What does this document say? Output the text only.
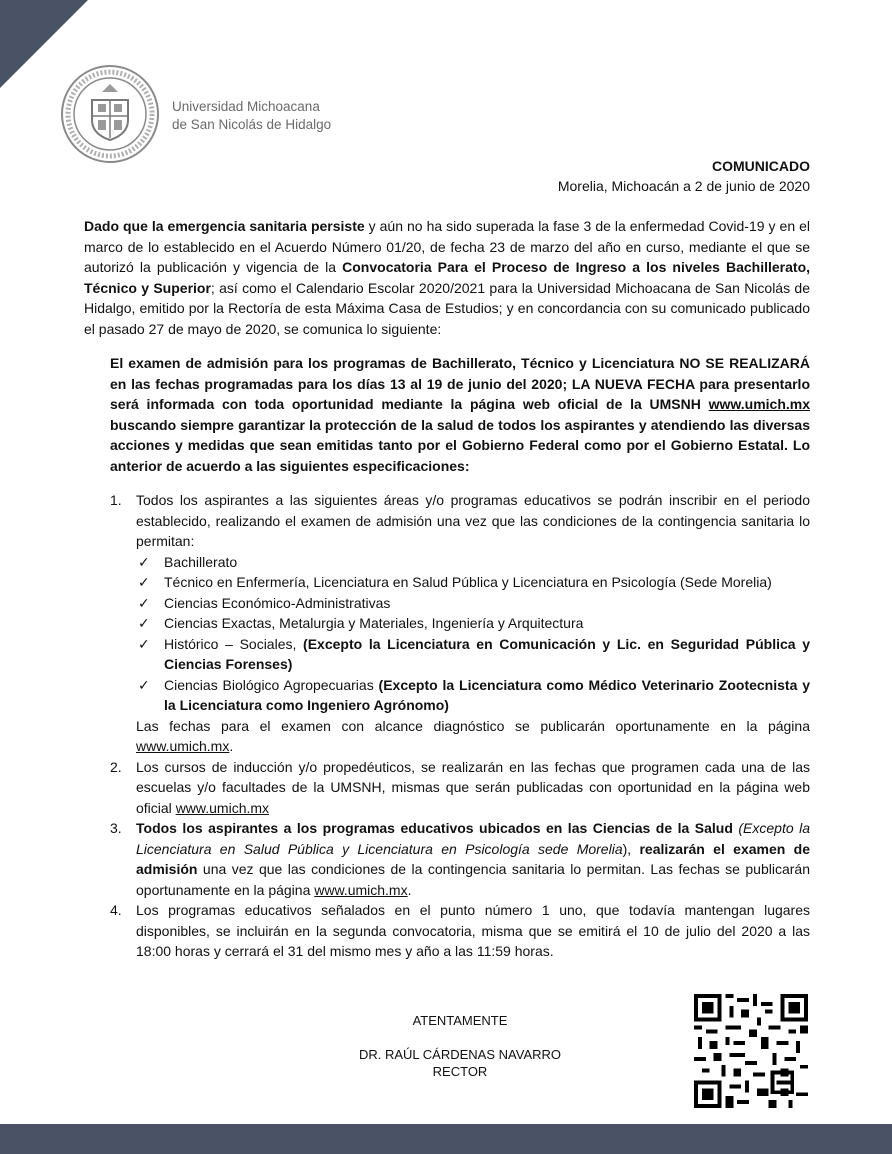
Universidad Michoacana
de San Nicolás de Hidalgo
COMUNICADO
Morelia, Michoacán a 2 de junio de 2020

Dado que la emergencia sanitaria persiste y aún no ha sido superada la fase 3 de la enfermedad Covid-19 y en el marco de lo establecido en el Acuerdo Número 01/20, de fecha 23 de marzo del año en curso, mediante el que se autorizó la publicación y vigencia de la Convocatoria Para el Proceso de Ingreso a los niveles Bachillerato, Técnico y Superior; así como el Calendario Escolar 2020/2021 para la Universidad Michoacana de San Nicolás de Hidalgo, emitido por la Rectoría de esta Máxima Casa de Estudios; y en concordancia con su comunicado publicado el pasado 27 de mayo de 2020, se comunica lo siguiente:

El examen de admisión para los programas de Bachillerato, Técnico y Licenciatura NO SE REALIZARÁ en las fechas programadas para los días 13 al 19 de junio del 2020; LA NUEVA FECHA para presentarlo será informada con toda oportunidad mediante la página web oficial de la UMSNH www.umich.mx buscando siempre garantizar la protección de la salud de todos los aspirantes y atendiendo las diversas acciones y medidas que sean emitidas tanto por el Gobierno Federal como por el Gobierno Estatal. Lo anterior de acuerdo a las siguientes especificaciones:

1. Todos los aspirantes a las siguientes áreas y/o programas educativos se podrán inscribir en el periodo establecido, realizando el examen de admisión una vez que las condiciones de la contingencia sanitaria lo permitan:

✓ Bachillerato
✓ Técnico en Enfermería, Licenciatura en Salud Pública y Licenciatura en Psicología (Sede Morelia)
✓ Ciencias Económico-Administrativas
✓ Ciencias Exactas, Metalurgia y Materiales, Ingeniería y Arquitectura
✓ Histórico – Sociales, (Excepto la Licenciatura en Comunicación y Lic. en Seguridad Pública y Ciencias Forenses)
✓ Ciencias Biológico Agropecuarias (Excepto la Licenciatura como Médico Veterinario Zootecnista y la Licenciatura como Ingeniero Agrónomo)

Las fechas para el examen con alcance diagnóstico se publicarán oportunamente en la página www.umich.mx.

2. Los cursos de inducción y/o propedéuticos, se realizarán en las fechas que programen cada una de las escuelas y/o facultades de la UMSNH, mismas que serán publicadas con oportunidad en la página web oficial www.umich.mx

3. Todos los aspirantes a los programas educativos ubicados en las Ciencias de la Salud (Excepto la Licenciatura en Salud Pública y Licenciatura en Psicología sede Morelia), realizarán el examen de admisión una vez que las condiciones de la contingencia sanitaria lo permitan. Las fechas se publicarán oportunamente en la página www.umich.mx.

4. Los programas educativos señalados en el punto número 1 uno, que todavía mantengan lugares disponibles, se incluirán en la segunda convocatoria, misma que se emitirá el 10 de julio del 2020 a las 18:00 horas y cerrará el 31 del mismo mes y año a las 11:59 horas.

ATENTAMENTE
DR. RAÚL CÁRDENAS NAVARRO
RECTOR
